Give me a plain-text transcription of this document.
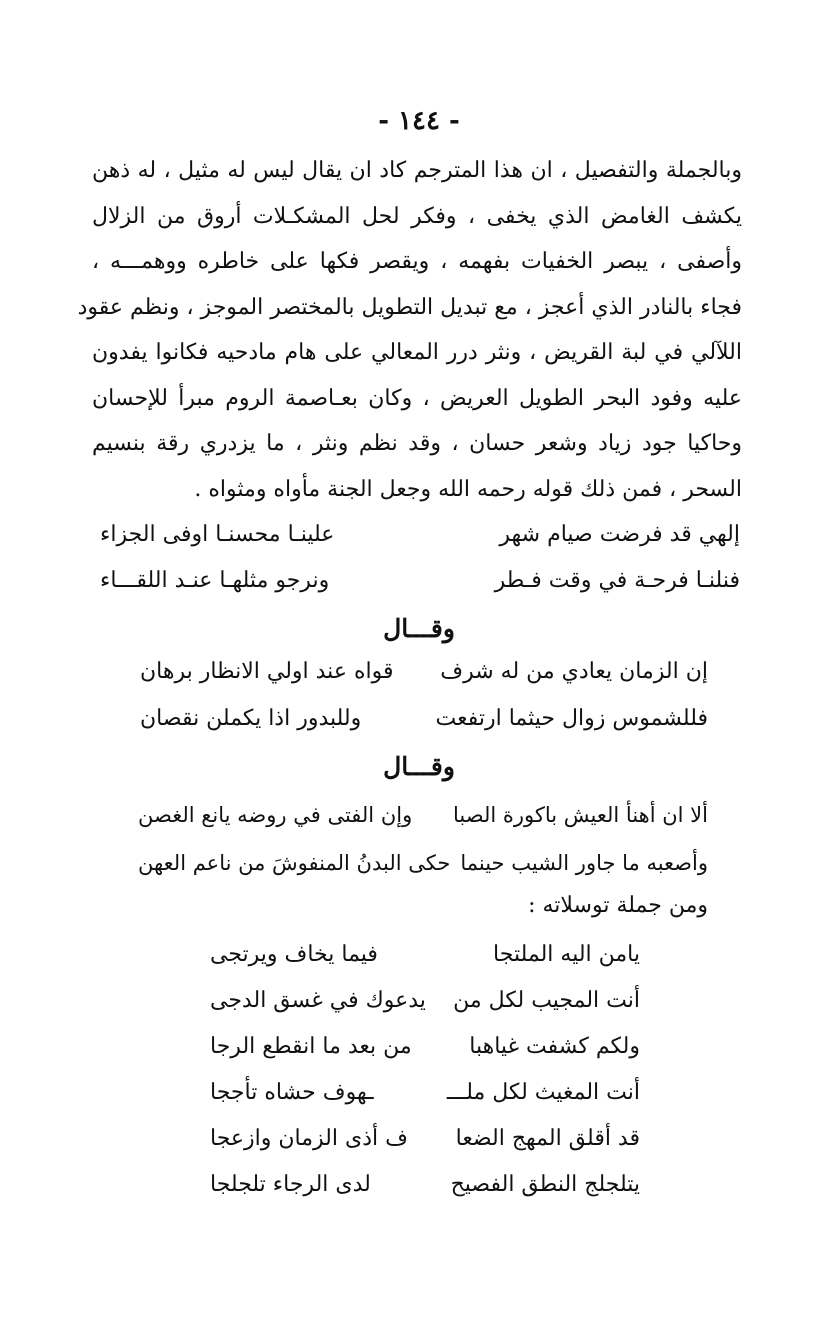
- ١٤٤ -
وبالجملة والتفصيل ، ان هذا المترجم كاد ان يقال ليس له مثيل ، له ذهن
يكشف الغامض الذي يخفى ، وفكر لحل المشكـلات أروق من الزلال
وأصفى ، يبصر الخفيات بفهمه ، ويقصر فكها على خاطره ووهمـــه ،
فجاء بالنادر الذي أعجز ، مع تبديل التطويل بالمختصر الموجز ، ونظم عقود
اللآلي في لبة القريض ، ونثر درر المعالي على هام مادحيه فكانوا يفدون
عليه وفود البحر الطويل العريض ، وكان بعـاصمة الروم مبرأ للإحسان
وحاكيا جود زياد وشعر حسان ، وقد نظم ونثر ، ما يزدري رقة بنسيم
السحر ، فمن ذلك قوله رحمه الله وجعل الجنة مأواه ومثواه .
إلهي قد فرضت صيام شهر
علينـا محسنـا اوفى الجزاء
فنلنـا فرحـة في وقت فـطر
ونرجو مثلهـا عنـد اللقـــاء
وقـــال
إن الزمان يعادي من له شرف
قواه عند اولي الانظار برهان
فللشموس زوال حيثما ارتفعت
وللبدور اذا يكملن نقصان
وقـــال
ألا ان أهنأ العيش باكورة الصبا
وإن الفتى في روضه يانع الغصن
وأصعبه ما جاور الشيب حينما
حكى البدنُ المنفوشَ من ناعم العهن
ومن جملة توسلاته :
يامن اليه الملتجا
فيما يخاف ويرتجى
أنت المجيب لكل من
يدعوك في غسق الدجى
ولكم كشفت غياهبا
من بعد ما انقطع الرجا
أنت المغيث لكل ملـــ
ـهوف حشاه تأججا
قد أقلق المهج الضعا
ف أذى الزمان وازعجا
يتلجلج النطق الفصيح
لدى الرجاء تلجلجا
